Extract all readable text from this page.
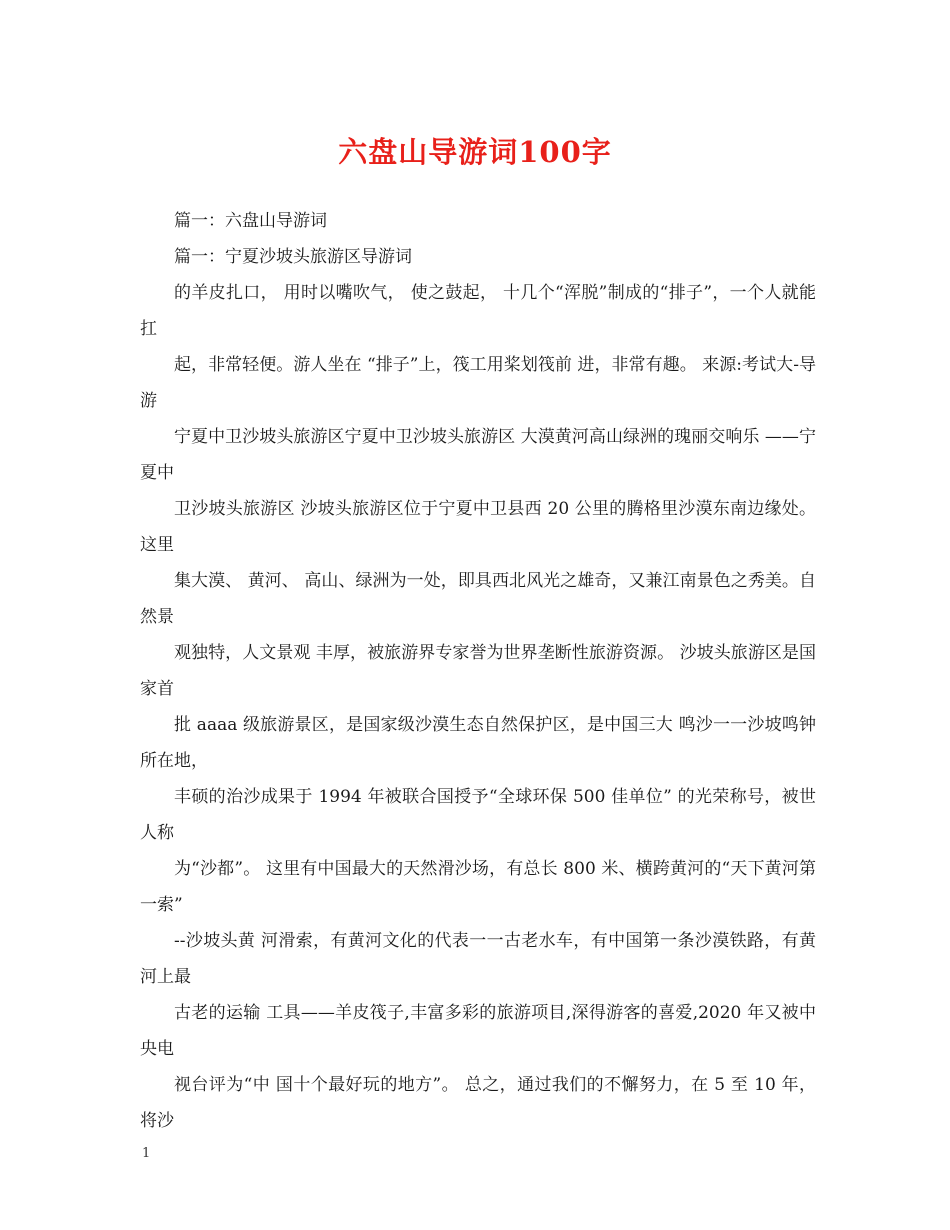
六盘山导游词100字

篇一：六盘山导游词

篇一：宁夏沙坡头旅游区导游词

的羊皮扎口， 用时以嘴吹气， 使之鼓起， 十几个“浑脱”制成的“排子”，一个人就能扛

起，非常轻便。游人坐在 “排子”上，筏工用桨划筏前 进，非常有趣。 来源:考试大-导游

宁夏中卫沙坡头旅游区宁夏中卫沙坡头旅游区 大漠黄河高山绿洲的瑰丽交响乐 ——宁夏中

卫沙坡头旅游区 沙坡头旅游区位于宁夏中卫县西 20 公里的腾格里沙漠东南边缘处。 这里

集大漠、 黄河、 高山、绿洲为一处，即具西北风光之雄奇，又兼江南景色之秀美。自然景

观独特，人文景观 丰厚，被旅游界专家誉为世界垄断性旅游资源。 沙坡头旅游区是国家首

批 aaaa 级旅游景区，是国家级沙漠生态自然保护区，是中国三大 鸣沙一一沙坡鸣钟所在地，

丰硕的治沙成果于 1994 年被联合国授予“全球环保 500 佳单位” 的光荣称号，被世人称

为“沙都”。 这里有中国最大的天然滑沙场，有总长 800 米、横跨黄河的“天下黄河第一索”

--沙坡头黄 河滑索，有黄河文化的代表一一古老水车，有中国第一条沙漠铁路，有黄河上最

古老的运输 工具——羊皮筏子,丰富多彩的旅游项目,深得游客的喜爱,2020 年又被中央电

视台评为“中 国十个最好玩的地方”。 总之，通过我们的不懈努力，在 5 至 10 年，将沙

1
